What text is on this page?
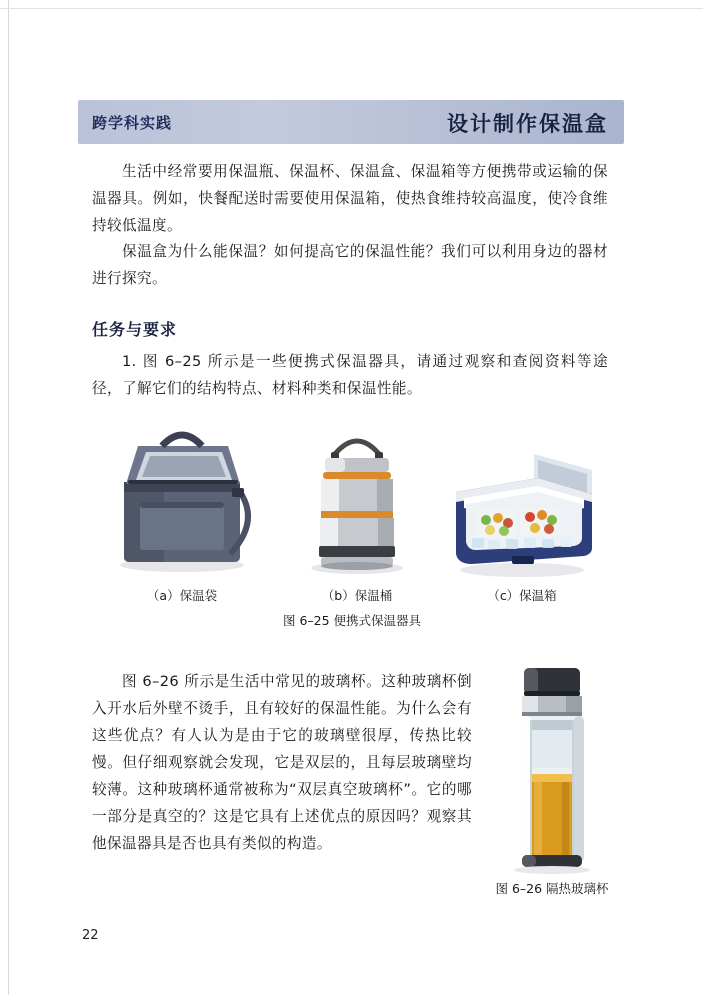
跨学科实践	设计制作保温盒
生活中经常要用保温瓶、保温杯、保温盒、保温箱等方便携带或运输的保温器具。例如，快餐配送时需要使用保温箱，使热食维持较高温度，使冷食维持较低温度。
保温盒为什么能保温？如何提高它的保温性能？我们可以利用身边的器材进行探究。
任务与要求
1. 图 6–25 所示是一些便携式保温器具，请通过观察和查阅资料等途径，了解它们的结构特点、材料种类和保温性能。
（a）保温袋	（b）保温桶	（c）保温箱
图 6–25 便携式保温器具
图 6–26 所示是生活中常见的玻璃杯。这种玻璃杯倒入开水后外壁不烫手，且有较好的保温性能。为什么会有这些优点？有人认为是由于它的玻璃壁很厚，传热比较慢。但仔细观察就会发现，它是双层的，且每层玻璃壁均较薄。这种玻璃杯通常被称为“双层真空玻璃杯”。它的哪一部分是真空的？这是它具有上述优点的原因吗？观察其他保温器具是否也具有类似的构造。
图 6–26 隔热玻璃杯
22
